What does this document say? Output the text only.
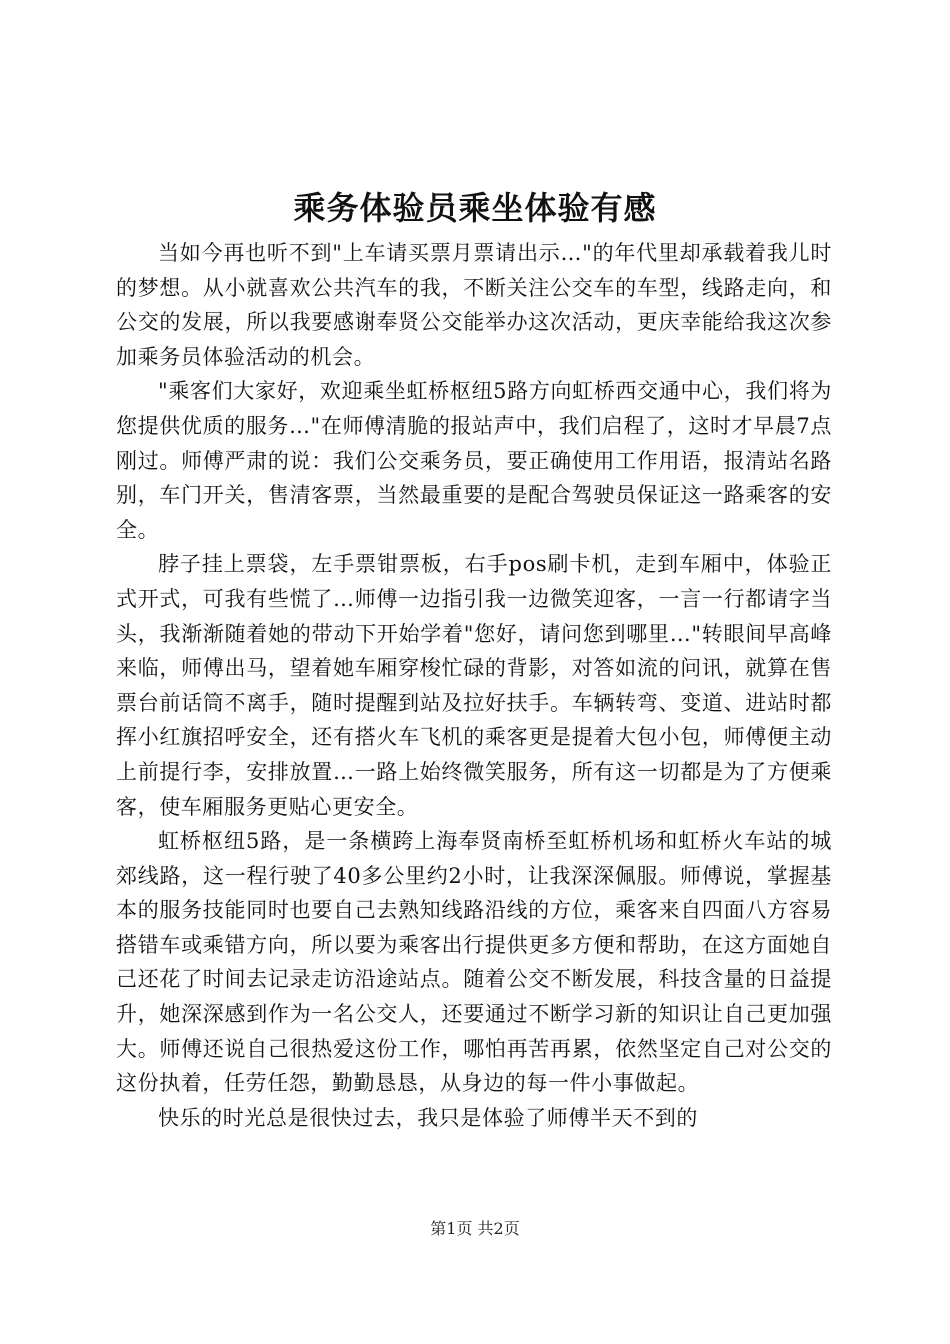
乘务体验员乘坐体验有感

当如今再也听不到"上车请买票月票请出示…"的年代里却承载着我儿时的梦想。从小就喜欢公共汽车的我，不断关注公交车的车型，线路走向，和公交的发展，所以我要感谢奉贤公交能举办这次活动，更庆幸能给我这次参加乘务员体验活动的机会。

"乘客们大家好，欢迎乘坐虹桥枢纽5路方向虹桥西交通中心，我们将为您提供优质的服务…"在师傅清脆的报站声中，我们启程了，这时才早晨7点刚过。师傅严肃的说：我们公交乘务员，要正确使用工作用语，报清站名路别，车门开关，售清客票，当然最重要的是配合驾驶员保证这一路乘客的安全。

脖子挂上票袋，左手票钳票板，右手pos刷卡机，走到车厢中，体验正式开式，可我有些慌了…师傅一边指引我一边微笑迎客，一言一行都请字当头，我渐渐随着她的带动下开始学着"您好，请问您到哪里…"转眼间早高峰来临，师傅出马，望着她车厢穿梭忙碌的背影，对答如流的问讯，就算在售票台前话筒不离手，随时提醒到站及拉好扶手。车辆转弯、变道、进站时都挥小红旗招呼安全，还有搭火车飞机的乘客更是提着大包小包，师傅便主动上前提行李，安排放置…一路上始终微笑服务，所有这一切都是为了方便乘客，使车厢服务更贴心更安全。

虹桥枢纽5路，是一条横跨上海奉贤南桥至虹桥机场和虹桥火车站的城郊线路，这一程行驶了40多公里约2小时，让我深深佩服。师傅说，掌握基本的服务技能同时也要自己去熟知线路沿线的方位，乘客来自四面八方容易搭错车或乘错方向，所以要为乘客出行提供更多方便和帮助，在这方面她自己还花了时间去记录走访沿途站点。随着公交不断发展，科技含量的日益提升，她深深感到作为一名公交人，还要通过不断学习新的知识让自己更加强大。师傅还说自己很热爱这份工作，哪怕再苦再累，依然坚定自己对公交的这份执着，任劳任怨，勤勤恳恳，从身边的每一件小事做起。

快乐的时光总是很快过去，我只是体验了师傅半天不到的

第1页 共2页
